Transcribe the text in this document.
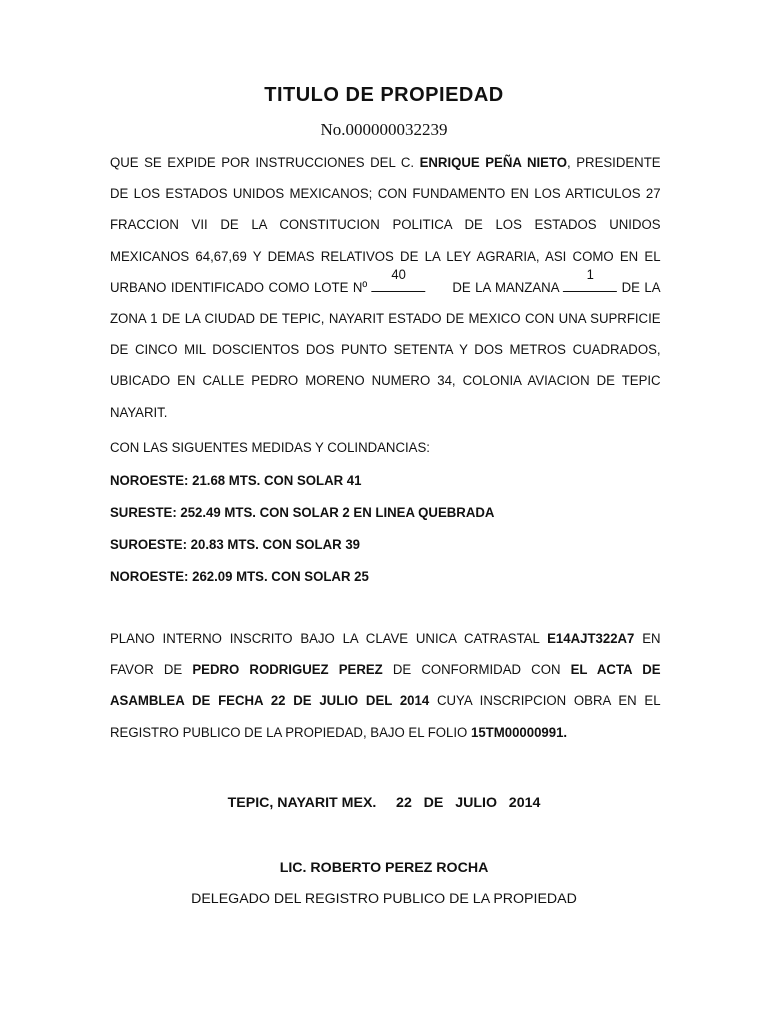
TITULO DE PROPIEDAD
No.000000032239
QUE SE EXPIDE POR INSTRUCCIONES DEL C. ENRIQUE PEÑA NIETO, PRESIDENTE DE LOS ESTADOS UNIDOS MEXICANOS; CON FUNDAMENTO EN LOS ARTICULOS 27 FRACCION VII DE LA CONSTITUCION POLITICA DE LOS ESTADOS UNIDOS MEXICANOS 64,67,69 Y DEMAS RELATIVOS DE LA LEY AGRARIA, ASI COMO EN EL URBANO IDENTIFICADO COMO LOTE Nº
40
DE LA MANZANA
1
DE LA ZONA 1 DE LA CIUDAD DE TEPIC, NAYARIT ESTADO DE MEXICO CON UNA SUPRFICIE DE CINCO MIL DOSCIENTOS DOS PUNTO SETENTA Y DOS METROS CUADRADOS, UBICADO EN CALLE PEDRO MORENO NUMERO 34, COLONIA AVIACION DE TEPIC NAYARIT.
CON LAS SIGUENTES MEDIDAS Y COLINDANCIAS:
NOROESTE: 21.68 MTS. CON SOLAR 41
SURESTE: 252.49 MTS. CON SOLAR 2 EN LINEA QUEBRADA
SUROESTE: 20.83 MTS. CON SOLAR 39
NOROESTE: 262.09 MTS. CON SOLAR 25
PLANO INTERNO INSCRITO BAJO LA CLAVE UNICA CATRASTAL E14AJT322A7 EN FAVOR DE PEDRO RODRIGUEZ PEREZ DE CONFORMIDAD CON EL ACTA DE ASAMBLEA DE FECHA 22 DE JULIO DEL 2014 CUYA INSCRIPCION OBRA EN EL REGISTRO PUBLICO DE LA PROPIEDAD, BAJO EL FOLIO 15TM00000991.
TEPIC, NAYARIT MEX.     22   DE   JULIO   2014
LIC. ROBERTO PEREZ ROCHA
DELEGADO DEL REGISTRO PUBLICO DE LA PROPIEDAD
